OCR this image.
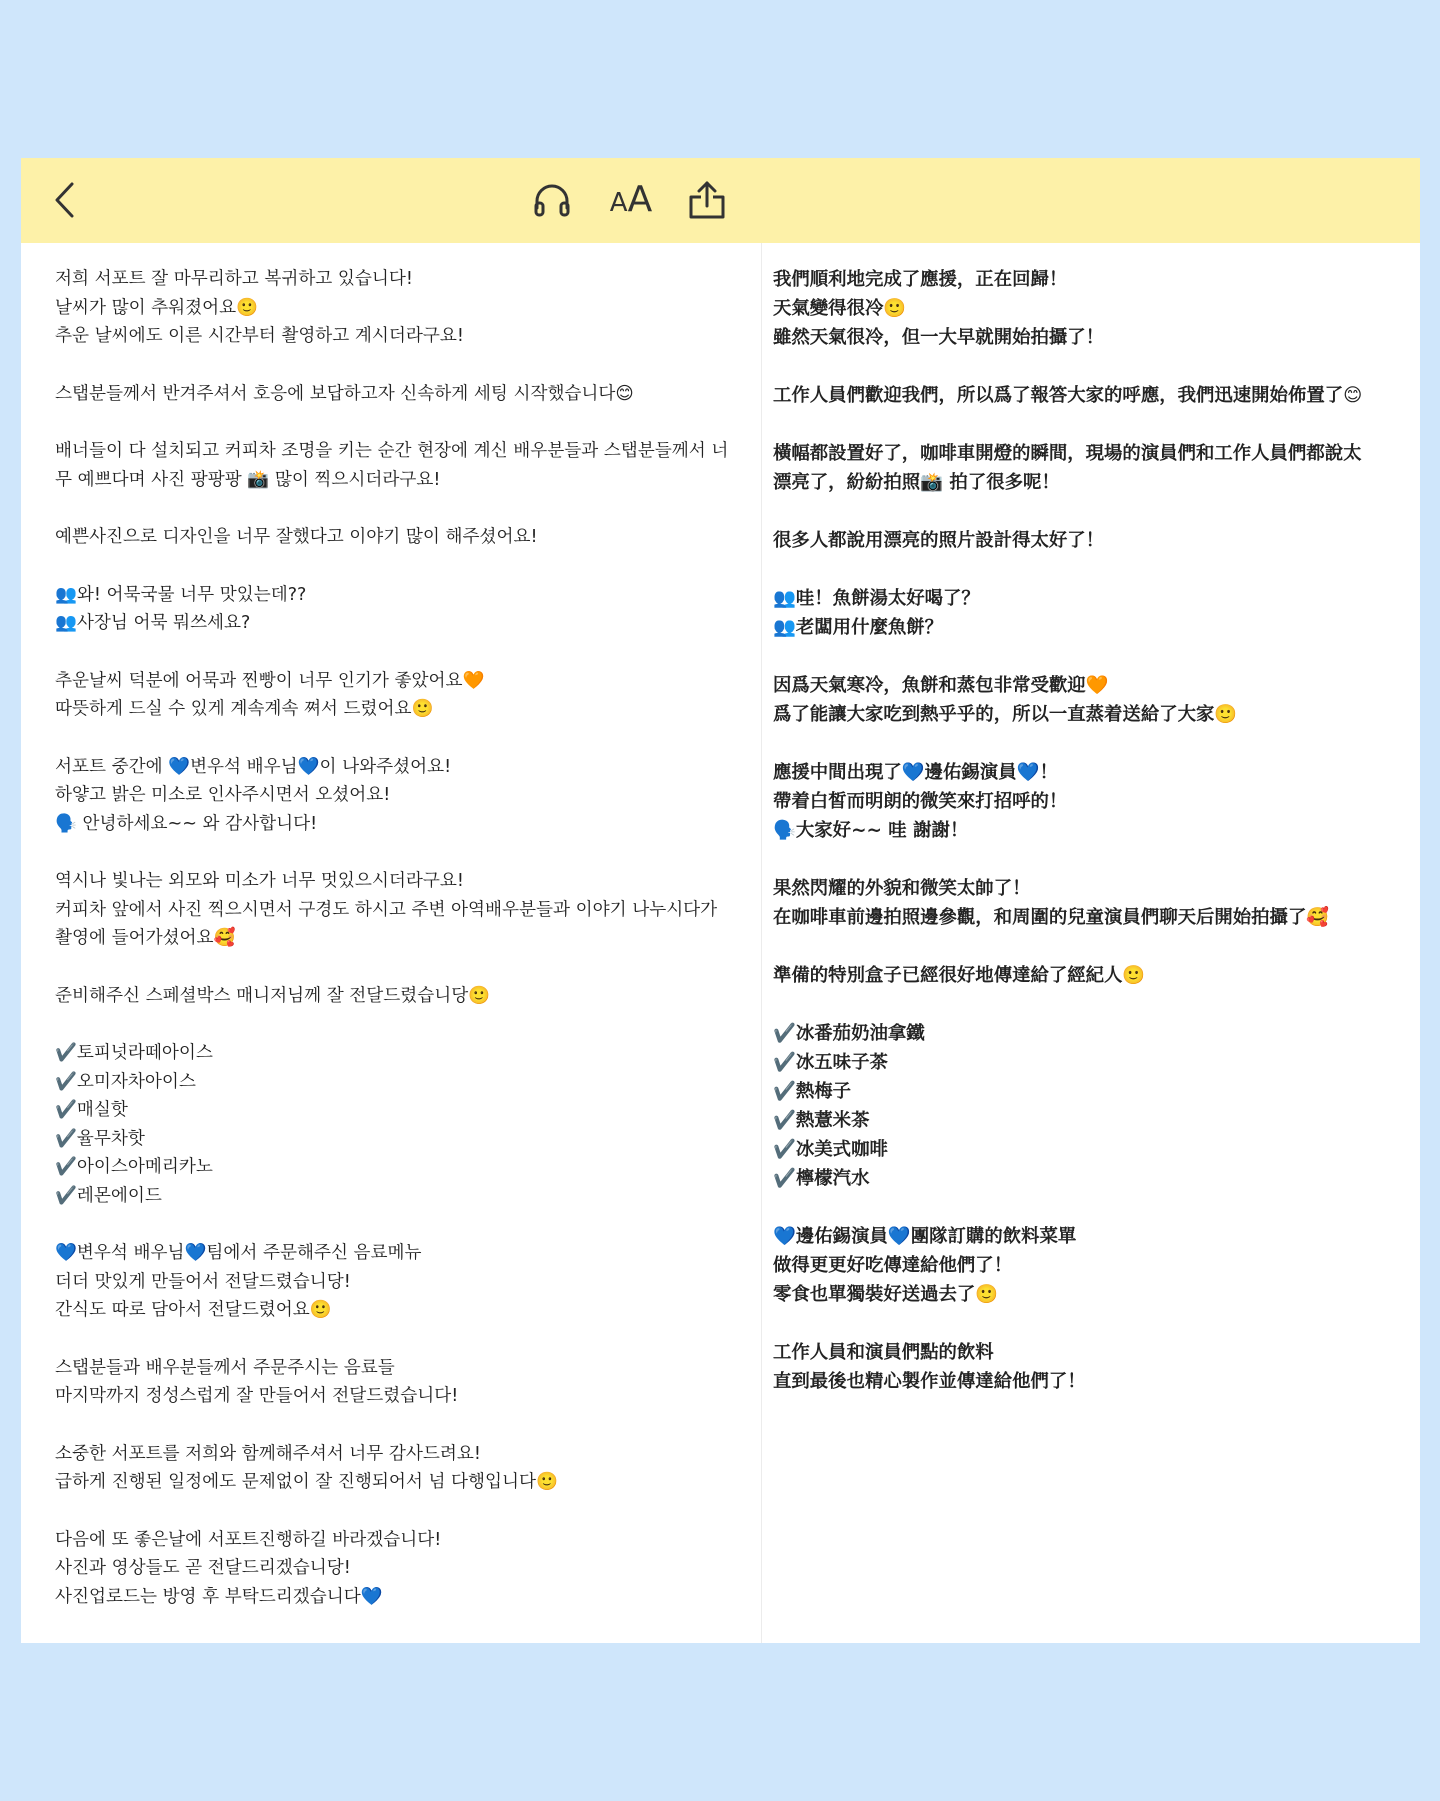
AA
저희 서포트 잘 마무리하고 복귀하고 있습니다!
날씨가 많이 추워졌어요🙂
추운 날씨에도 이른 시간부터 촬영하고 계시더라구요!
스탭분들께서 반겨주셔서 호응에 보답하고자 신속하게 세팅 시작했습니다😊
배너들이 다 설치되고 커피차 조명을 키는 순간 현장에 계신 배우분들과 스탭분들께서 너
무 예쁘다며 사진 팡팡팡 📸 많이 찍으시더라구요!
예쁜사진으로 디자인을 너무 잘했다고 이야기 많이 해주셨어요!
👥와! 어묵국물 너무 맛있는데??
👥사장님 어묵 뭐쓰세요?
추운날씨 덕분에 어묵과 찐빵이 너무 인기가 좋았어요🧡
따뜻하게 드실 수 있게 계속계속 쪄서 드렸어요🙂
서포트 중간에 💙변우석 배우님💙이 나와주셨어요!
하얗고 밝은 미소로 인사주시면서 오셨어요!
🗣️ 안녕하세요~~ 와 감사합니다!
역시나 빛나는 외모와 미소가 너무 멋있으시더라구요!
커피차 앞에서 사진 찍으시면서 구경도 하시고 주변 아역배우분들과 이야기 나누시다가
촬영에 들어가셨어요🥰
준비해주신 스페셜박스 매니저님께 잘 전달드렸습니당🙂
✔️토피넛라떼아이스
✔️오미자차아이스
✔️매실핫
✔️율무차핫
✔️아이스아메리카노
✔️레몬에이드
💙변우석 배우님💙팀에서 주문해주신 음료메뉴
더더 맛있게 만들어서 전달드렸습니당!
간식도 따로 담아서 전달드렸어요🙂
스탭분들과 배우분들께서 주문주시는 음료들
마지막까지 정성스럽게 잘 만들어서 전달드렸습니다!
소중한 서포트를 저희와 함께해주셔서 너무 감사드려요!
급하게 진행된 일정에도 문제없이 잘 진행되어서 넘 다행입니다🙂
다음에 또 좋은날에 서포트진행하길 바라겠습니다!
사진과 영상들도 곧 전달드리겠습니당!
사진업로드는 방영 후 부탁드리겠습니다💙
我們順利地完成了應援，正在回歸！
天氣變得很冷🙂
雖然天氣很冷，但一大早就開始拍攝了！
工作人員們歡迎我們，所以爲了報答大家的呼應，我們迅速開始佈置了😊
橫幅都設置好了，咖啡車開燈的瞬間，現場的演員們和工作人員們都說太
漂亮了，紛紛拍照📸 拍了很多呢！
很多人都說用漂亮的照片設計得太好了！
👥哇！魚餅湯太好喝了？
👥老闆用什麼魚餅？
因爲天氣寒冷，魚餅和蒸包非常受歡迎🧡
爲了能讓大家吃到熱乎乎的，所以一直蒸着送給了大家🙂
應援中間出現了💙邊佑錫演員💙！
帶着白皙而明朗的微笑來打招呼的！
🗣️大家好~~ 哇 謝謝！
果然閃耀的外貌和微笑太帥了！
在咖啡車前邊拍照邊參觀，和周圍的兒童演員們聊天后開始拍攝了🥰
準備的特別盒子已經很好地傳達給了經紀人🙂
✔️冰番茄奶油拿鐵
✔️冰五味子茶
✔️熱梅子
✔️熱薏米茶
✔️冰美式咖啡
✔️檸檬汽水
💙邊佑錫演員💙團隊訂購的飲料菜單
做得更更好吃傳達給他們了！
零食也單獨裝好送過去了🙂
工作人員和演員們點的飲料
直到最後也精心製作並傳達給他們了！
